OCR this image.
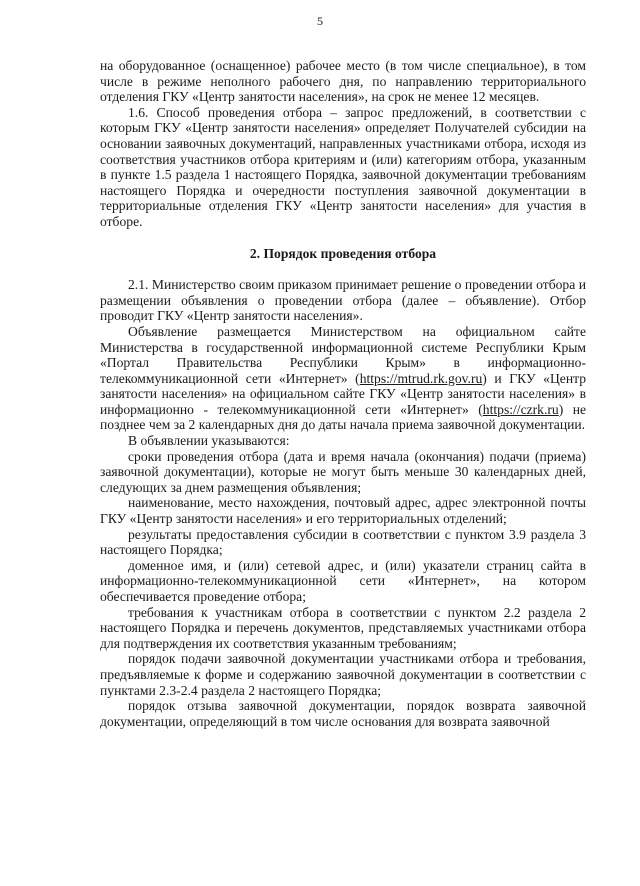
5

на оборудованное (оснащенное) рабочее место (в том числе специальное), в том числе в режиме неполного рабочего дня, по направлению территориального отделения ГКУ «Центр занятости населения», на срок не менее 12 месяцев.

1.6. Способ проведения отбора – запрос предложений, в соответствии с которым ГКУ «Центр занятости населения» определяет Получателей субсидии на основании заявочных документаций, направленных участниками отбора, исходя из соответствия участников отбора критериям и (или) категориям отбора, указанным в пункте 1.5 раздела 1 настоящего Порядка, заявочной документации требованиям настоящего Порядка и очередности поступления заявочной документации в территориальные отделения ГКУ «Центр занятости населения» для участия в отборе.

2. Порядок проведения отбора

2.1. Министерство своим приказом принимает решение о проведении отбора и размещении объявления о проведении отбора (далее – объявление). Отбор проводит ГКУ «Центр занятости населения».

Объявление размещается Министерством на официальном сайте Министерства в государственной информационной системе Республики Крым «Портал Правительства Республики Крым» в информационно-телекоммуникационной сети «Интернет» (https://mtrud.rk.gov.ru) и ГКУ «Центр занятости населения» на официальном сайте ГКУ «Центр занятости населения» в информационно - телекоммуникационной сети «Интернет» (https://czrk.ru) не позднее чем за 2 календарных дня до даты начала приема заявочной документации.

В объявлении указываются:

сроки проведения отбора (дата и время начала (окончания) подачи (приема) заявочной документации), которые не могут быть меньше 30 календарных дней, следующих за днем размещения объявления;

наименование, место нахождения, почтовый адрес, адрес электронной почты ГКУ «Центр занятости населения» и его территориальных отделений;

результаты предоставления субсидии в соответствии с пунктом 3.9 раздела 3 настоящего Порядка;

доменное имя, и (или) сетевой адрес, и (или) указатели страниц сайта в информационно-телекоммуникационной сети «Интернет», на котором обеспечивается проведение отбора;

требования к участникам отбора в соответствии с пунктом 2.2 раздела 2 настоящего Порядка и перечень документов, представляемых участниками отбора для подтверждения их соответствия указанным требованиям;

порядок подачи заявочной документации участниками отбора и требования, предъявляемые к форме и содержанию заявочной документации в соответствии с пунктами 2.3-2.4 раздела 2 настоящего Порядка;

порядок отзыва заявочной документации, порядок возврата заявочной документации, определяющий в том числе основания для возврата заявочной
